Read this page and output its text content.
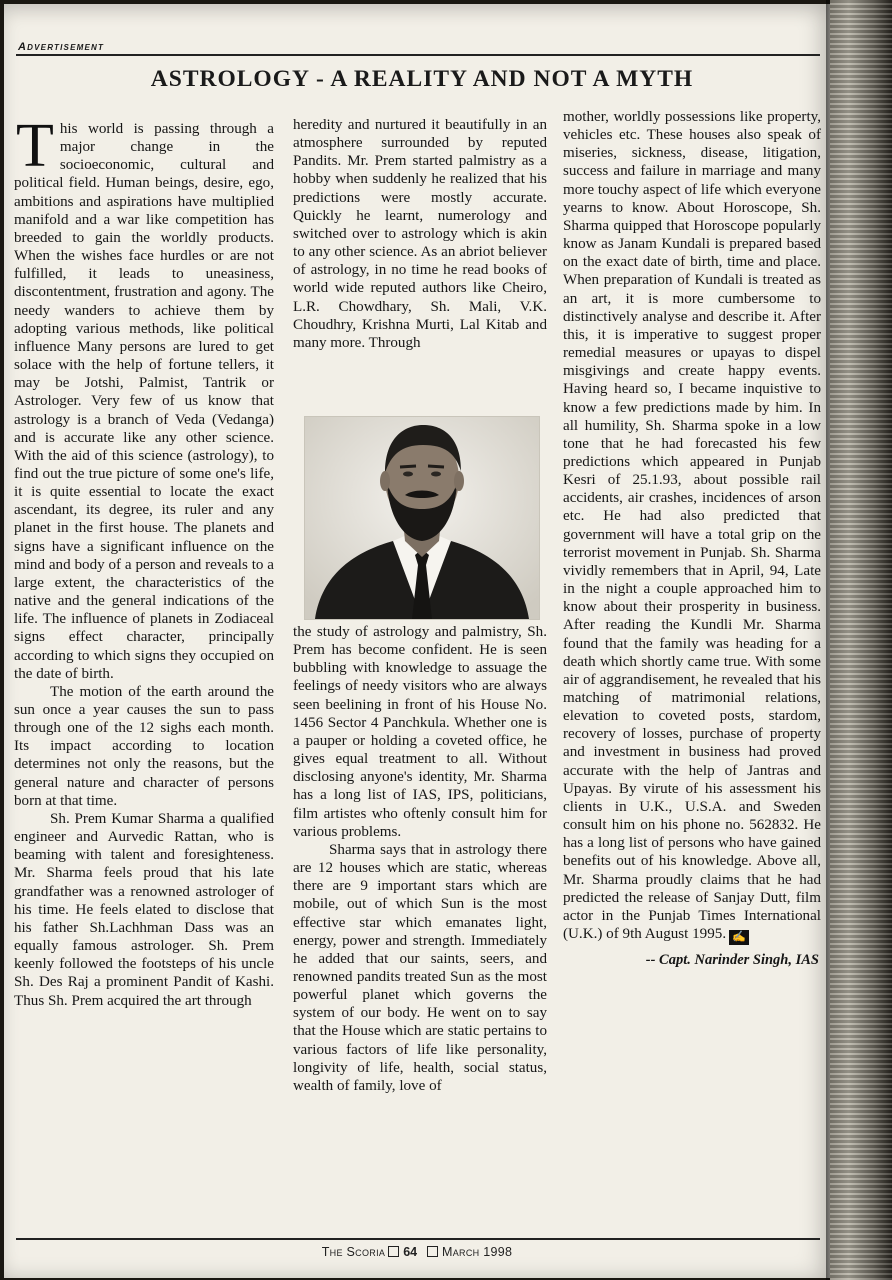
Advertisement
ASTROLOGY - A REALITY AND NOT A MYTH

This world is passing through a major change in the socioeconomic, cultural and political field. Human beings, desire, ego, ambitions and aspirations have multiplied manifold and a war like competition has breeded to gain the worldly products. When the wishes face hurdles or are not fulfilled, it leads to uneasiness, discontentment, frustration and agony. The needy wanders to achieve them by adopting various methods, like political influence Many persons are lured to get solace with the help of fortune tellers, it may be Jotshi, Palmist, Tantrik or Astrologer. Very few of us know that astrology is a branch of Veda (Vedanga) and is accurate like any other science. With the aid of this science (astrology), to find out the true picture of some one's life, it is quite essential to locate the exact ascendant, its degree, its ruler and any planet in the first house. The planets and signs have a significant influence on the mind and body of a person and reveals to a large extent, the characteristics of the native and the general indications of the life. The influence of planets in Zodiaceal signs effect character, principally according to which signs they occupied on the date of birth.

The motion of the earth around the sun once a year causes the sun to pass through one of the 12 sighs each month. Its impact according to location determines not only the reasons, but the general nature and character of persons born at that time.

Sh. Prem Kumar Sharma a qualified engineer and Aurvedic Rattan, who is beaming with talent and foresighteness. Mr. Sharma feels proud that his late grandfather was a renowned astrologer of his time. He feels elated to disclose that his father Sh.Lachhman Dass was an equally famous astrologer. Sh. Prem keenly followed the footsteps of his uncle Sh. Des Raj a prominent Pandit of Kashi. Thus Sh. Prem acquired the art through

heredity and nurtured it beautifully in an atmosphere surrounded by reputed Pandits. Mr. Prem started palmistry as a hobby when suddenly he realized that his predictions were mostly accurate. Quickly he learnt, numerology and switched over to astrology which is akin to any other science. As an abriot believer of astrology, in no time he read books of world wide reputed authors like Cheiro, L.R. Chowdhary, Sh. Mali, V.K. Choudhry, Krishna Murti, Lal Kitab and many more. Through

the study of astrology and palmistry, Sh. Prem has become confident. He is seen bubbling with knowledge to assuage the feelings of needy visitors who are always seen beelining in front of his House No. 1456 Sector 4 Panchkula. Whether one is a pauper or holding a coveted office, he gives equal treatment to all. Without disclosing anyone's identity, Mr. Sharma has a long list of IAS, IPS, politicians, film artistes who oftenly consult him for various problems.

Sharma says that in astrology there are 12 houses which are static, whereas there are 9 important stars which are mobile, out of which Sun is the most effective star which emanates light, energy, power and strength. Immediately he added that our saints, seers, and renowned pandits treated Sun as the most powerful planet which governs the system of our body. He went on to say that the House which are static pertains to various factors of life like personality, longivity of life, health, social status, wealth of family, love of

mother, worldly possessions like property, vehicles etc. These houses also speak of miseries, sickness, disease, litigation, success and failure in marriage and many more touchy aspect of life which everyone yearns to know. About Horoscope, Sh. Sharma quipped that Horoscope popularly know as Janam Kundali is prepared based on the exact date of birth, time and place. When preparation of Kundali is treated as an art, it is more cumbersome to distinctively analyse and describe it. After this, it is imperative to suggest proper remedial measures or upayas to dispel misgivings and create happy events. Having heard so, I became inquistive to know a few predictions made by him. In all humility, Sh. Sharma spoke in a low tone that he had forecasted his few predictions which appeared in Punjab Kesri of 25.1.93, about possible rail accidents, air crashes, incidences of arson etc. He had also predicted that government will have a total grip on the terrorist movement in Punjab. Sh. Sharma vividly remembers that in April, 94, Late in the night a couple approached him to know about their prosperity in business. After reading the Kundli Mr. Sharma found that the family was heading for a death which shortly came true. With some air of aggrandisement, he revealed that his matching of matrimonial relations, elevation to coveted posts, stardom, recovery of losses, purchase of property and investment in business had proved accurate with the help of Jantras and Upayas. By virute of his assessment his clients in U.K., U.S.A. and Sweden consult him on his phone no. 562832. He has a long list of persons who have gained benefits out of his knowledge. Above all, Mr. Sharma proudly claims that he had predicted the release of Sanjay Dutt, film actor in the Punjab Times International (U.K.) of 9th August 1995. ✍

-- Capt. Narinder Singh, IAS
The Scoria 64 March 1998
